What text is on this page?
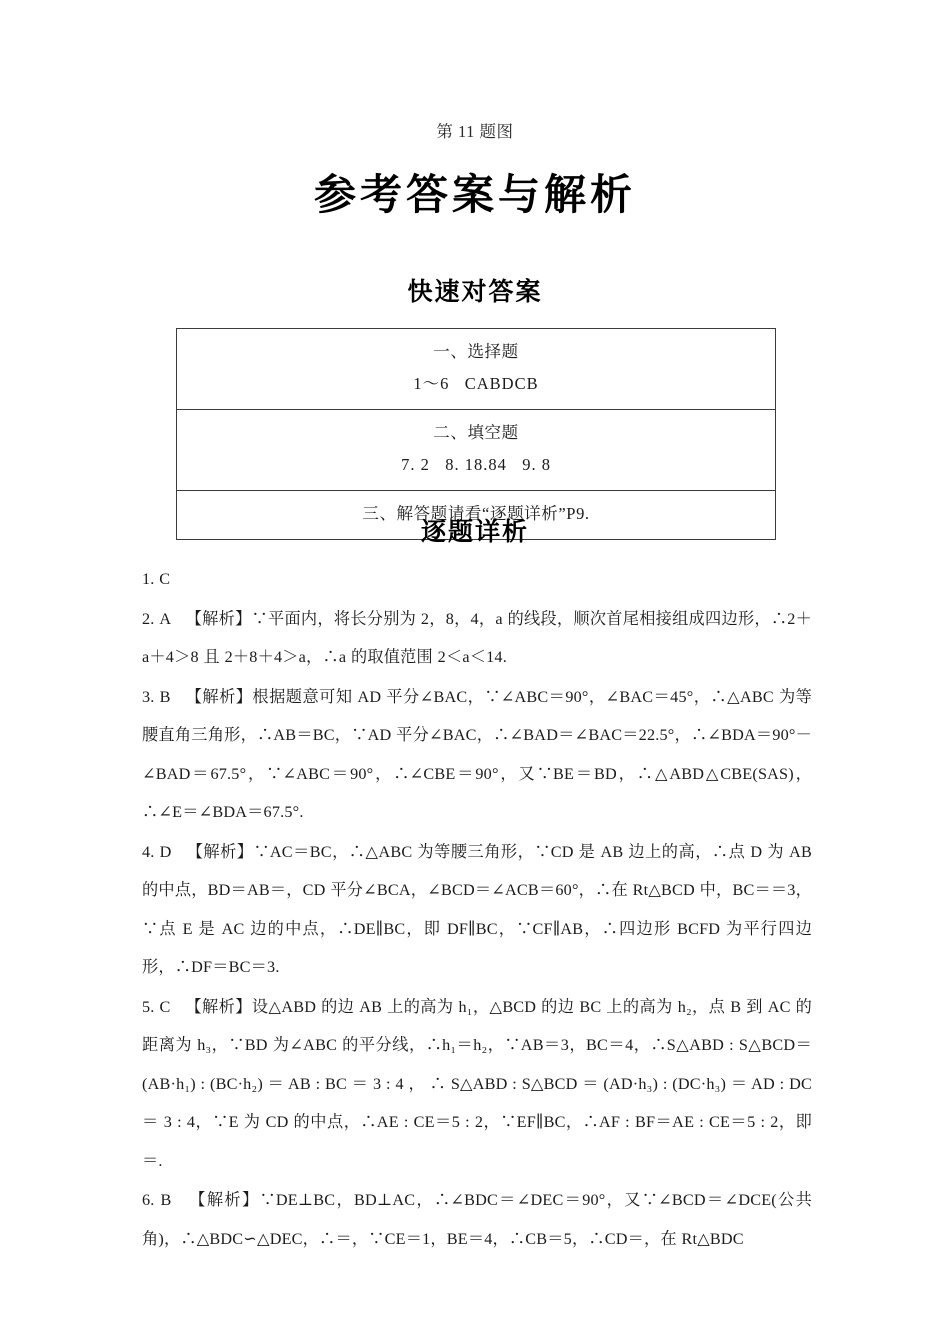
第 11 题图
参考答案与解析
快速对答案
一、选择题
1～6   CABDCB

二、填空题
7. 2   8. 18.84   9. 8

三、解答题请看“逐题详析”P9.
逐题详析

1. C

2. A 【解析】∵平面内，将长分别为 2，8，4，a 的线段，顺次首尾相接组成四边形，∴2＋a＋4＞8 且 2＋8＋4＞a，∴a 的取值范围 2＜a＜14.

3. B 【解析】根据题意可知 AD 平分∠BAC，∵∠ABC＝90°，∠BAC＝45°，∴△ABC 为等腰直角三角形，∴AB＝BC，∵AD 平分∠BAC，∴∠BAD＝∠BAC＝22.5°，∴∠BDA＝90°－∠BAD＝67.5°，∵∠ABC＝90°，∴∠CBE＝90°，又∵BE＝BD，∴△ABD△CBE(SAS)，∴∠E＝∠BDA＝67.5°.

4. D 【解析】∵AC＝BC，∴△ABC 为等腰三角形，∵CD 是 AB 边上的高，∴点 D 为 AB 的中点，BD＝AB＝，CD 平分∠BCA，∠BCD＝∠ACB＝60°，∴在 Rt△BCD 中，BC＝＝3，∵点 E 是 AC 边的中点，∴DE∥BC，即 DF∥BC，∵CF∥AB，∴四边形 BCFD 为平行四边形，∴DF＝BC＝3.

5. C 【解析】设△ABD 的边 AB 上的高为 h₁，△BCD 的边 BC 上的高为 h₂，点 B 到 AC 的距离为 h₃，∵BD 为∠ABC 的平分线，∴h₁＝h₂，∵AB＝3，BC＝4，∴S△ABD : S△BCD＝(AB·h₁) : (BC·h₂) ＝ AB : BC ＝ 3 : 4 ， ∴ S△ABD : S△BCD ＝ (AD·h₃) : (DC·h₃) ＝ AD : DC ＝ 3 : 4，∵E 为 CD 的中点，∴AE : CE＝5 : 2，∵EF∥BC，∴AF : BF＝AE : CE＝5 : 2，即＝.

6. B 【解析】∵DE⊥BC，BD⊥AC，∴∠BDC＝∠DEC＝90°，又∵∠BCD＝∠DCE(公共角)，∴△BDC∽△DEC，∴＝，∵CE＝1，BE＝4，∴CB＝5，∴CD＝，在 Rt△BDC
